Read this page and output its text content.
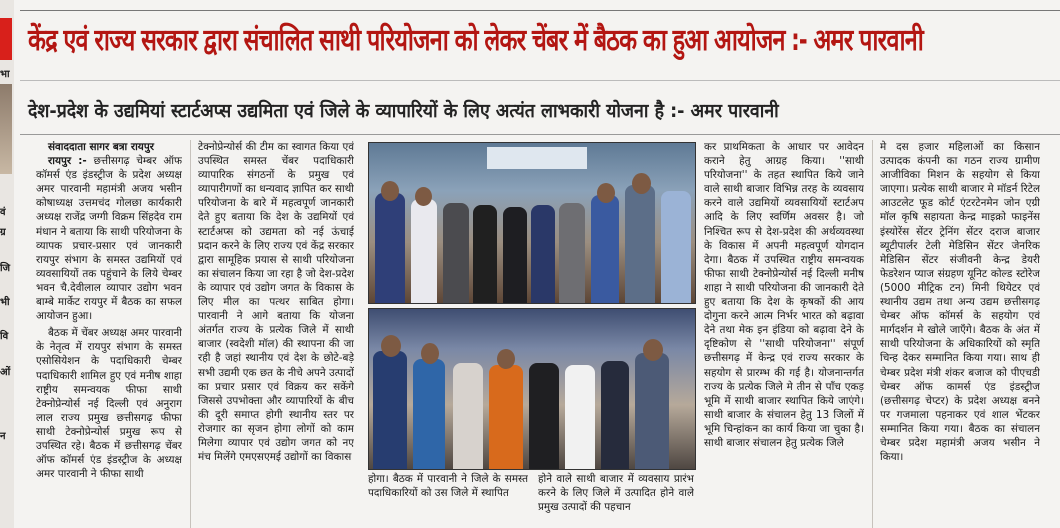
भा
वं
ग्र
जि
भी
वि
ओं
न
केंद्र एवं राज्य सरकार द्वारा संचालित साथी परियोजना को लेकर चेंबर में बैठक का हुआ आयोजन :- अमर पारवानी
देश-प्रदेश के उद्यमियां स्टार्टअप्स उद्यमिता एवं जिले के व्यापारियों के लिए अत्यंत लाभकारी योजना है :- अमर पारवानी

संवाददाता सागर बत्रा रायपुर

रायपुर :- छत्तीसगढ़ चेम्बर ऑफ कॉमर्स एंड इंडस्ट्रीज के प्रदेश अध्यक्ष अमर पारवानी महामंत्री अजय भसीन कोषाध्यक्ष उत्तमचंद गोलछा कार्यकारी अध्यक्ष राजेंद्र जग्गी विक्रम सिंहदेव राम मंधान ने बताया कि साथी परियोजना के व्यापक प्रचार-प्रसार एवं जानकारी रायपुर संभाग के समस्त उद्यमियों एवं व्यवसायियों तक पहुंचाने के लिये चेम्बर भवन चै.देवीलाल व्यापार उद्योग भवन बाम्बे मार्केट रायपुर में बैठक का सफल आयोजन हुआ।

बैठक में चेंबर अध्यक्ष अमर पारवानी के नेतृत्व में रायपुर संभाग के समस्त एसोसियेशन के पदाधिकारी चेम्बर पदाधिकारी शामिल हुए एवं मनीष शाहा राष्ट्रीय समन्वयक फीफा साथी टेक्नोप्रेन्योर्स नई दिल्ली एवं अनुराग लाल राज्य प्रमुख छत्तीसगढ़ फीफा साथी टेक्नोप्रेन्योर्स प्रमुख रूप से उपस्थित रहे। बैठक में छत्तीसगढ़ चेंबर ऑफ कॉमर्स एंड इंडस्ट्रीज के अध्यक्ष अमर पारवानी ने फीफा साथी

टेक्नोप्रेन्योर्स की टीम का स्वागत किया एवं उपस्थित समस्त चेंबर पदाधिकारी व्यापारिक संगठनों के प्रमुख एवं व्यापारीगणों का धन्यवाद ज्ञापित कर साथी परियोजना के बारे में महत्वपूर्ण जानकारी देते हुए बताया कि देश के उद्यमियों एवं स्टार्टअप्स को उद्यमता को नई ऊंचाई प्रदान करने के लिए राज्य एवं केंद्र सरकार द्वारा सामूहिक प्रयास से साथी परियोजना का संचालन किया जा रहा है जो देश-प्रदेश के व्यापार एवं उद्योग जगत के विकास के लिए मील का पत्थर साबित होगा। पारवानी ने आगे बताया कि योजना अंतर्गत राज्य के प्रत्येक जिले में साथी बाजार (स्वदेशी मॉल) की स्थापना की जा रही है जहां स्थानीय एवं देश के छोटे-बड़े सभी उद्यमी एक छत के नीचे अपने उत्पादों का प्रचार प्रसार एवं विक्रय कर सकेंगे जिससे उपभोक्ता और व्यापारियों के बीच की दूरी समाप्त होगी स्थानीय स्तर पर रोजगार का सृजन होगा लोगों को काम मिलेगा व्यापार एवं उद्योग जगत को नए मंच मिलेंगे एमएसएमई उद्योगों का विकास

होगा। बैठक में पारवानी ने जिले के समस्त पदाधिकारियों को उस जिले में स्थापित
होने वाले साथी बाजार में व्यवसाय प्रारंभ करने के लिए जिले में उत्पादित होने वाले प्रमुख उत्पादों की पहचान

कर प्राथमिकता के आधार पर आवेदन कराने हेतु आग्रह किया। ''साथी परियोजना'' के तहत स्थापित किये जाने वाले साथी बाजार विभिन्न तरह के व्यवसाय करने वाले उद्यमियों व्यवसायियों स्टार्टअप आदि के लिए स्वर्णिम अवसर है। जो निश्चित रूप से देश-प्रदेश की अर्थव्यवस्था के विकास में अपनी महत्वपूर्ण योगदान देगा। बैठक में उपस्थित राष्ट्रीय समन्वयक फीफा साथी टेक्नोप्रेन्योर्स नई दिल्ली मनीष शाहा ने साथी परियोजना की जानकारी देते हुए बताया कि देश के कृषकों की आय दोगुना करने आत्म निर्भर भारत को बढ़ावा देने तथा मेक इन इंडिया को बढ़ावा देने के दृष्टिकोण से ''साथी परियोजना'' संपूर्ण छत्तीसगढ़ में केन्द्र एवं राज्य सरकार के सहयोग से प्रारम्भ की गई है। योजनान्तर्गत राज्य के प्रत्येक जिले मे तीन से पाँच एकड़ भूमि में साथी बाजार स्थापित किये जाएंगे। साथी बाजार के संचालन हेतु 13 जिलों में भूमि चिन्हांकन का कार्य किया जा चुका है। साथी बाजार संचालन हेतु प्रत्येक जिले

मे दस हजार महिलाओं का किसान उत्पादक कंपनी का गठन राज्य ग्रामीण आजीविका मिशन के सहयोग से किया जाएगा। प्रत्येक साथी बाजार मे मॉडर्न रिटेल आउटलेट फूड कोर्ट एंटरटेनमेन जोन एग्री मॉल कृषि सहायता केन्द्र माइक्रो फाइनेंस इंस्योरेंस सेंटर ट्रेनिंग सेंटर दराज बाजार ब्यूटीपार्लर टेली मेडिसिन सेंटर जेनरिक मेडिसिन सेंटर संजीवनी केन्द्र डेयरी फेडरेशन प्याज संग्रहण यूनिट कोल्ड स्टोरेज (5000 मीट्रिक टन) मिनी थियेटर एवं स्थानीय उद्यम तथा अन्य उद्यम छत्तीसगढ़ चेम्बर ऑफ कॉमर्स के सहयोग एवं मार्गदर्शन मे खोले जाएँगे। बैठक के अंत में साथी परियोजना के अधिकारियों को स्मृति चिन्ह देकर सम्मानित किया गया। साथ ही चेम्बर प्रदेश मंत्री शंकर बजाज को पीएचडी चेम्बर ऑफ कामर्स एंड इंडस्ट्रीज (छत्तीसगढ़ चेप्टर) के प्रदेश अध्यक्ष बनने पर गजमाला पहनाकर एवं शाल भेंटकर सम्मानित किया गया। बैठक का संचालन चेम्बर प्रदेश महामंत्री अजय भसीन ने किया।
